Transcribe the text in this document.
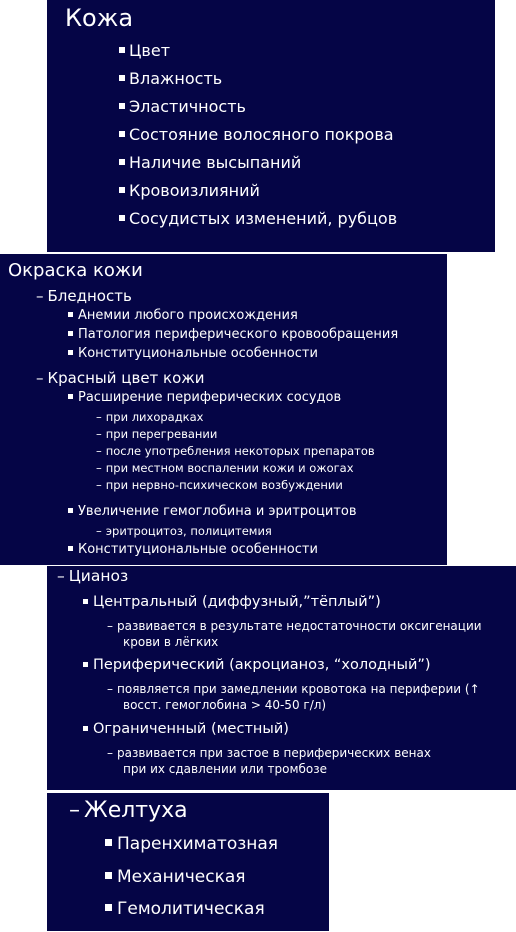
Кожа
Цвет
Влажность
Эластичность
Состояние волосяного покрова
Наличие высыпаний
Кровоизлияний
Сосудистых изменений, рубцов
Окраска кожи
– Бледность
Анемии любого происхождения
Патология периферического кровообращения
Конституциональные особенности
– Красный цвет кожи
Расширение периферических сосудов
– при лихорадках
– при перегревании
– после употребления некоторых препаратов
– при местном воспалении кожи и ожогах
– при нервно-психическом возбуждении
Увеличение гемоглобина и эритроцитов
– эритроцитоз, полицитемия
Конституциональные особенности
– Цианоз
Центральный (диффузный,”тёплый”)
– развивается в результате недостаточности оксигенации
крови в лёгких
Периферический (акроцианоз, “холодный”)
– появляется при замедлении кровотока на периферии (↑
восст. гемоглобина > 40-50 г/л)
Ограниченный (местный)
– развивается при застое в периферических венах
при их сдавлении или тромбозе
– Желтуха
Паренхиматозная
Механическая
Гемолитическая
